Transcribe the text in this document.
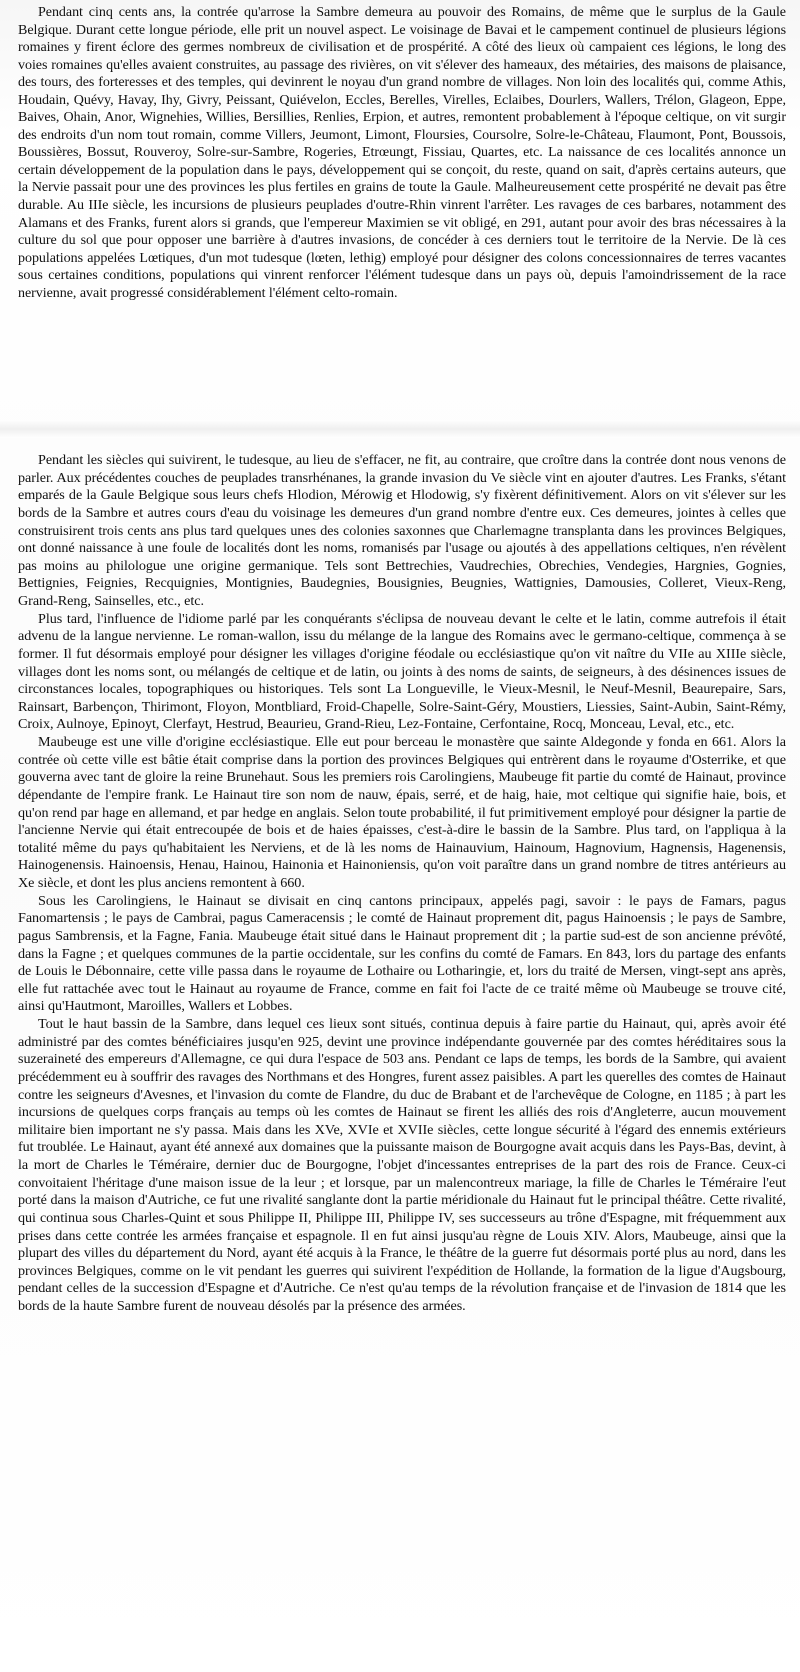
Pendant cinq cents ans, la contrée qu'arrose la Sambre demeura au pouvoir des Romains, de même que le surplus de la Gaule Belgique. Durant cette longue période, elle prit un nouvel aspect. Le voisinage de Bavai et le campement continuel de plusieurs légions romaines y firent éclore des germes nombreux de civilisation et de prospérité. A côté des lieux où campaient ces légions, le long des voies romaines qu'elles avaient construites, au passage des rivières, on vit s'élever des hameaux, des métairies, des maisons de plaisance, des tours, des forteresses et des temples, qui devinrent le noyau d'un grand nombre de villages. Non loin des localités qui, comme Athis, Houdain, Quévy, Havay, Ihy, Givry, Peissant, Quiévelon, Eccles, Berelles, Virelles, Eclaibes, Dourlers, Wallers, Trélon, Glageon, Eppe, Baives, Ohain, Anor, Wignehies, Willies, Bersillies, Renlies, Erpion, et autres, remontent probablement à l'époque celtique, on vit surgir des endroits d'un nom tout romain, comme Villers, Jeumont, Limont, Floursies, Coursolre, Solre-le-Château, Flaumont, Pont, Boussois, Boussières, Bossut, Rouveroy, Solre-sur-Sambre, Rogeries, Etrœungt, Fissiau, Quartes, etc. La naissance de ces localités annonce un certain développement de la population dans le pays, développement qui se conçoit, du reste, quand on sait, d'après certains auteurs, que la Nervie passait pour une des provinces les plus fertiles en grains de toute la Gaule. Malheureusement cette prospérité ne devait pas être durable. Au IIIe siècle, les incursions de plusieurs peuplades d'outre-Rhin vinrent l'arrêter. Les ravages de ces barbares, notamment des Alamans et des Franks, furent alors si grands, que l'empereur Maximien se vit obligé, en 291, autant pour avoir des bras nécessaires à la culture du sol que pour opposer une barrière à d'autres invasions, de concéder à ces derniers tout le territoire de la Nervie. De là ces populations appelées Lœtiques, d'un mot tudesque (lœten, lethig) employé pour désigner des colons concessionnaires de terres vacantes sous certaines conditions, populations qui vinrent renforcer l'élément tudesque dans un pays où, depuis l'amoindrissement de la race nervienne, avait progressé considérablement l'élément celto-romain.

Pendant les siècles qui suivirent, le tudesque, au lieu de s'effacer, ne fit, au contraire, que croître dans la contrée dont nous venons de parler. Aux précédentes couches de peuplades transrhénanes, la grande invasion du Ve siècle vint en ajouter d'autres. Les Franks, s'étant emparés de la Gaule Belgique sous leurs chefs Hlodion, Mérowig et Hlodowig, s'y fixèrent définitivement. Alors on vit s'élever sur les bords de la Sambre et autres cours d'eau du voisinage les demeures d'un grand nombre d'entre eux. Ces demeures, jointes à celles que construisirent trois cents ans plus tard quelques unes des colonies saxonnes que Charlemagne transplanta dans les provinces Belgiques, ont donné naissance à une foule de localités dont les noms, romanisés par l'usage ou ajoutés à des appellations celtiques, n'en révèlent pas moins au philologue une origine germanique. Tels sont Bettrechies, Vaudrechies, Obrechies, Vendegies, Hargnies, Gognies, Bettignies, Feignies, Recquignies, Montignies, Baudegnies, Bousignies, Beugnies, Wattignies, Damousies, Colleret, Vieux-Reng, Grand-Reng, Sainselles, etc., etc.

Plus tard, l'influence de l'idiome parlé par les conquérants s'éclipsa de nouveau devant le celte et le latin, comme autrefois il était advenu de la langue nervienne. Le roman-wallon, issu du mélange de la langue des Romains avec le germano-celtique, commença à se former. Il fut désormais employé pour désigner les villages d'origine féodale ou ecclésiastique qu'on vit naître du VIIe au XIIIe siècle, villages dont les noms sont, ou mélangés de celtique et de latin, ou joints à des noms de saints, de seigneurs, à des désinences issues de circonstances locales, topographiques ou historiques. Tels sont La Longueville, le Vieux-Mesnil, le Neuf-Mesnil, Beaurepaire, Sars, Rainsart, Barbençon, Thirimont, Floyon, Montbliard, Froid-Chapelle, Solre-Saint-Géry, Moustiers, Liessies, Saint-Aubin, Saint-Rémy, Croix, Aulnoye, Epinoyt, Clerfayt, Hestrud, Beaurieu, Grand-Rieu, Lez-Fontaine, Cerfontaine, Rocq, Monceau, Leval, etc., etc.

Maubeuge est une ville d'origine ecclésiastique. Elle eut pour berceau le monastère que sainte Aldegonde y fonda en 661. Alors la contrée où cette ville est bâtie était comprise dans la portion des provinces Belgiques qui entrèrent dans le royaume d'Osterrike, et que gouverna avec tant de gloire la reine Brunehaut. Sous les premiers rois Carolingiens, Maubeuge fit partie du comté de Hainaut, province dépendante de l'empire frank. Le Hainaut tire son nom de nauw, épais, serré, et de haig, haie, mot celtique qui signifie haie, bois, et qu'on rend par hage en allemand, et par hedge en anglais. Selon toute probabilité, il fut primitivement employé pour désigner la partie de l'ancienne Nervie qui était entrecoupée de bois et de haies épaisses, c'est-à-dire le bassin de la Sambre. Plus tard, on l'appliqua à la totalité même du pays qu'habitaient les Nerviens, et de là les noms de Hainauvium, Hainoum, Hagnovium, Hagnensis, Hagenensis, Hainogenensis. Hainoensis, Henau, Hainou, Hainonia et Hainoniensis, qu'on voit paraître dans un grand nombre de titres antérieurs au Xe siècle, et dont les plus anciens remontent à 660.

Sous les Carolingiens, le Hainaut se divisait en cinq cantons principaux, appelés pagi, savoir : le pays de Famars, pagus Fanomartensis ; le pays de Cambrai, pagus Cameracensis ; le comté de Hainaut proprement dit, pagus Hainoensis ; le pays de Sambre, pagus Sambrensis, et la Fagne, Fania. Maubeuge était situé dans le Hainaut proprement dit ; la partie sud-est de son ancienne prévôté, dans la Fagne ; et quelques communes de la partie occidentale, sur les confins du comté de Famars. En 843, lors du partage des enfants de Louis le Débonnaire, cette ville passa dans le royaume de Lothaire ou Lotharingie, et, lors du traité de Mersen, vingt-sept ans après, elle fut rattachée avec tout le Hainaut au royaume de France, comme en fait foi l'acte de ce traité même où Maubeuge se trouve cité, ainsi qu'Hautmont, Maroilles, Wallers et Lobbes.

Tout le haut bassin de la Sambre, dans lequel ces lieux sont situés, continua depuis à faire partie du Hainaut, qui, après avoir été administré par des comtes bénéficiaires jusqu'en 925, devint une province indépendante gouvernée par des comtes héréditaires sous la suzeraineté des empereurs d'Allemagne, ce qui dura l'espace de 503 ans. Pendant ce laps de temps, les bords de la Sambre, qui avaient précédemment eu à souffrir des ravages des Northmans et des Hongres, furent assez paisibles. A part les querelles des comtes de Hainaut contre les seigneurs d'Avesnes, et l'invasion du comte de Flandre, du duc de Brabant et de l'archevêque de Cologne, en 1185 ; à part les incursions de quelques corps français au temps où les comtes de Hainaut se firent les alliés des rois d'Angleterre, aucun mouvement militaire bien important ne s'y passa. Mais dans les XVe, XVIe et XVIIe siècles, cette longue sécurité à l'égard des ennemis extérieurs fut troublée. Le Hainaut, ayant été annexé aux domaines que la puissante maison de Bourgogne avait acquis dans les Pays-Bas, devint, à la mort de Charles le Téméraire, dernier duc de Bourgogne, l'objet d'incessantes entreprises de la part des rois de France. Ceux-ci convoitaient l'héritage d'une maison issue de la leur ; et lorsque, par un malencontreux mariage, la fille de Charles le Téméraire l'eut porté dans la maison d'Autriche, ce fut une rivalité sanglante dont la partie méridionale du Hainaut fut le principal théâtre. Cette rivalité, qui continua sous Charles-Quint et sous Philippe II, Philippe III, Philippe IV, ses successeurs au trône d'Espagne, mit fréquemment aux prises dans cette contrée les armées française et espagnole. Il en fut ainsi jusqu'au règne de Louis XIV. Alors, Maubeuge, ainsi que la plupart des villes du département du Nord, ayant été acquis à la France, le théâtre de la guerre fut désormais porté plus au nord, dans les provinces Belgiques, comme on le vit pendant les guerres qui suivirent l'expédition de Hollande, la formation de la ligue d'Augsbourg, pendant celles de la succession d'Espagne et d'Autriche. Ce n'est qu'au temps de la révolution française et de l'invasion de 1814 que les bords de la haute Sambre furent de nouveau désolés par la présence des armées.
